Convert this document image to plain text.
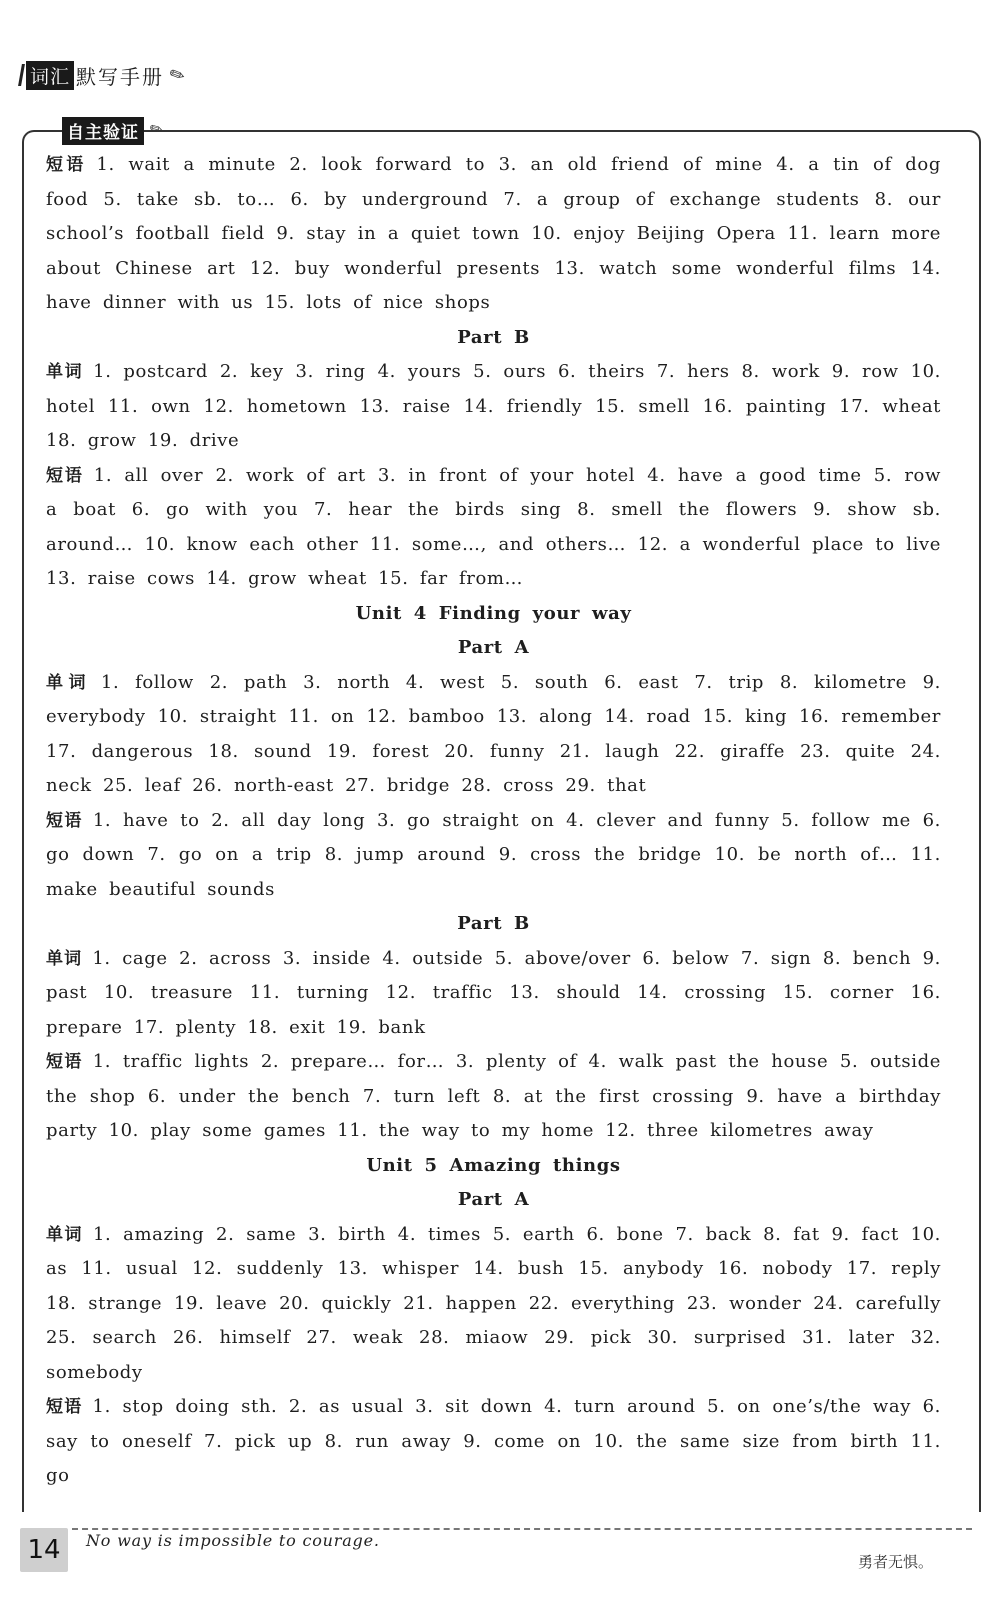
词汇 默写手册 ✎
自主验证 ✎

短语 1. wait a minute 2. look forward to 3. an old friend of mine 4. a tin of dog food 5. take sb. to… 6. by underground 7. a group of exchange students 8. our school’s football field 9. stay in a quiet town 10. enjoy Beijing Opera 11. learn more about Chinese art 12. buy wonderful presents 13. watch some wonderful films 14. have dinner with us 15. lots of nice shops

Part B

单词 1. postcard 2. key 3. ring 4. yours 5. ours 6. theirs 7. hers 8. work 9. row 10. hotel 11. own 12. hometown 13. raise 14. friendly 15. smell 16. painting 17. wheat 18. grow 19. drive

短语 1. all over 2. work of art 3. in front of your hotel 4. have a good time 5. row a boat 6. go with you 7. hear the birds sing 8. smell the flowers 9. show sb. around… 10. know each other 11. some…, and others… 12. a wonderful place to live 13. raise cows 14. grow wheat 15. far from…

Unit 4 Finding your way

Part A

单词 1. follow 2. path 3. north 4. west 5. south 6. east 7. trip 8. kilometre 9. everybody 10. straight 11. on 12. bamboo 13. along 14. road 15. king 16. remember 17. dangerous 18. sound 19. forest 20. funny 21. laugh 22. giraffe 23. quite 24. neck 25. leaf 26. north-east 27. bridge 28. cross 29. that

短语 1. have to 2. all day long 3. go straight on 4. clever and funny 5. follow me 6. go down 7. go on a trip 8. jump around 9. cross the bridge 10. be north of… 11. make beautiful sounds

Part B

单词 1. cage 2. across 3. inside 4. outside 5. above/over 6. below 7. sign 8. bench 9. past 10. treasure 11. turning 12. traffic 13. should 14. crossing 15. corner 16. prepare 17. plenty 18. exit 19. bank

短语 1. traffic lights 2. prepare… for… 3. plenty of 4. walk past the house 5. outside the shop 6. under the bench 7. turn left 8. at the first crossing 9. have a birthday party 10. play some games 11. the way to my home 12. three kilometres away

Unit 5 Amazing things

Part A

单词 1. amazing 2. same 3. birth 4. times 5. earth 6. bone 7. back 8. fat 9. fact 10. as 11. usual 12. suddenly 13. whisper 14. bush 15. anybody 16. nobody 17. reply 18. strange 19. leave 20. quickly 21. happen 22. everything 23. wonder 24. carefully 25. search 26. himself 27. weak 28. miaow 29. pick 30. surprised 31. later 32. somebody

短语 1. stop doing sth. 2. as usual 3. sit down 4. turn around 5. on one’s/the way 6. say to oneself 7. pick up 8. run away 9. come on 10. the same size from birth 11. go

14	No way is impossible to courage.
勇者无惧。
